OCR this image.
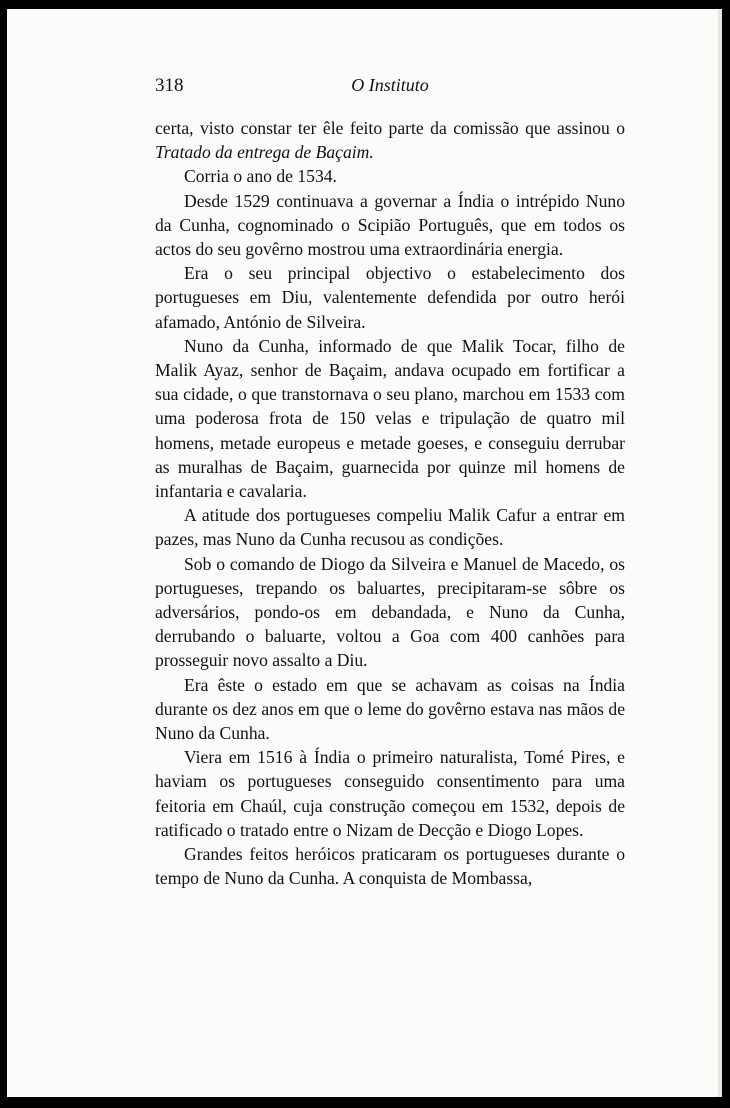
318	O Instituto

certa, visto constar ter êle feito parte da comissão que assinou o Tratado da entrega de Baçaim.

Corria o ano de 1534.

Desde 1529 continuava a governar a Índia o intrépido Nuno da Cunha, cognominado o Scipião Português, que em todos os actos do seu govêrno mostrou uma extraordinária energia.

Era o seu principal objectivo o estabelecimento dos portugueses em Diu, valentemente defendida por outro herói afamado, António de Silveira.

Nuno da Cunha, informado de que Malik Tocar, filho de Malik Ayaz, senhor de Baçaim, andava ocupado em fortificar a sua cidade, o que transtornava o seu plano, marchou em 1533 com uma poderosa frota de 150 velas e tripulação de quatro mil homens, metade europeus e metade goeses, e conseguiu derrubar as muralhas de Baçaim, guarnecida por quinze mil homens de infantaria e cavalaria.

A atitude dos portugueses compeliu Malik Cafur a entrar em pazes, mas Nuno da Cunha recusou as condições.

Sob o comando de Diogo da Silveira e Manuel de Macedo, os portugueses, trepando os baluartes, precipitaram-se sôbre os adversários, pondo-os em debandada, e Nuno da Cunha, derrubando o baluarte, voltou a Goa com 400 canhões para prosseguir novo assalto a Diu.

Era êste o estado em que se achavam as coisas na Índia durante os dez anos em que o leme do govêrno estava nas mãos de Nuno da Cunha.

Viera em 1516 à Índia o primeiro naturalista, Tomé Pires, e haviam os portugueses conseguido consentimento para uma feitoria em Chaúl, cuja construção começou em 1532, depois de ratificado o tratado entre o Nizam de Decção e Diogo Lopes.

Grandes feitos heróicos praticaram os portugueses durante o tempo de Nuno da Cunha. A conquista de Mombassa,
